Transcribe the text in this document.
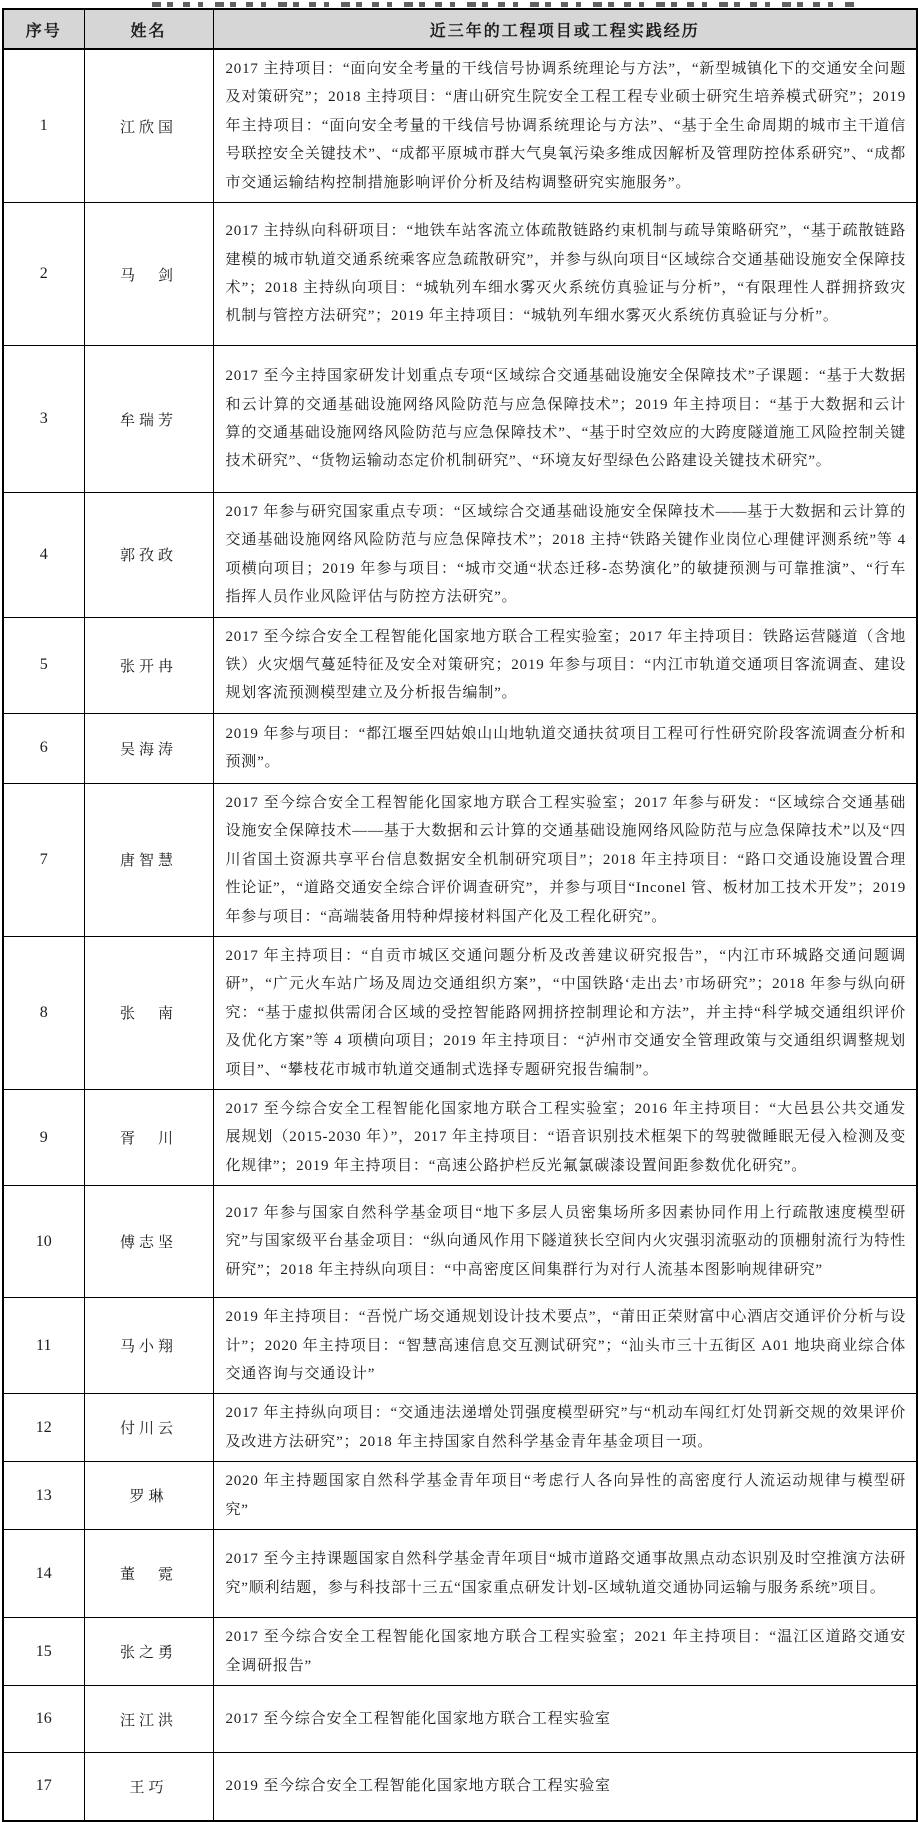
序号	姓名	近三年的工程项目或工程实践经历
1	江欣国	2017 主持项目：“面向安全考量的干线信号协调系统理论与方法”，“新型城镇化下的交通安全问题及对策研究”；2018 主持项目：“唐山研究生院安全工程工程专业硕士研究生培养模式研究”；2019 年主持项目：“面向安全考量的干线信号协调系统理论与方法”、“基于全生命周期的城市主干道信号联控安全关键技术”、“成都平原城市群大气臭氧污染多维成因解析及管理防控体系研究”、“成都市交通运输结构控制措施影响评价分析及结构调整研究实施服务”。
2	马　剑	2017 主持纵向科研项目：“地铁车站客流立体疏散链路约束机制与疏导策略研究”，“基于疏散链路建模的城市轨道交通系统乘客应急疏散研究”，并参与纵向项目“区域综合交通基础设施安全保障技术”；2018 主持纵向项目：“城轨列车细水雾灭火系统仿真验证与分析”，“有限理性人群拥挤致灾机制与管控方法研究”；2019 年主持项目：“城轨列车细水雾灭火系统仿真验证与分析”。
3	牟瑞芳	2017 至今主持国家研发计划重点专项“区域综合交通基础设施安全保障技术”子课题：“基于大数据和云计算的交通基础设施网络风险防范与应急保障技术”；2019 年主持项目：“基于大数据和云计算的交通基础设施网络风险防范与应急保障技术”、“基于时空效应的大跨度隧道施工风险控制关键技术研究”、“货物运输动态定价机制研究”、“环境友好型绿色公路建设关键技术研究”。
4	郭孜政	2017 年参与研究国家重点专项：“区域综合交通基础设施安全保障技术——基于大数据和云计算的交通基础设施网络风险防范与应急保障技术”；2018 主持“铁路关键作业岗位心理健评测系统”等 4 项横向项目；2019 年参与项目：“城市交通“状态迁移-态势演化”的敏捷预测与可靠推演”、“行车指挥人员作业风险评估与防控方法研究”。
5	张开冉	2017 至今综合安全工程智能化国家地方联合工程实验室；2017 年主持项目：铁路运营隧道（含地铁）火灾烟气蔓延特征及安全对策研究；2019 年参与项目：“内江市轨道交通项目客流调查、建设规划客流预测模型建立及分析报告编制”。
6	吴海涛	2019 年参与项目：“都江堰至四姑娘山山地轨道交通扶贫项目工程可行性研究阶段客流调查分析和预测”。
7	唐智慧	2017 至今综合安全工程智能化国家地方联合工程实验室；2017 年参与研发：“区域综合交通基础设施安全保障技术——基于大数据和云计算的交通基础设施网络风险防范与应急保障技术”以及“四川省国土资源共享平台信息数据安全机制研究项目”；2018 年主持项目：“路口交通设施设置合理性论证”，“道路交通安全综合评价调查研究”，并参与项目“Inconel 管、板材加工技术开发”；2019 年参与项目：“高端装备用特种焊接材料国产化及工程化研究”。
8	张　南	2017 年主持项目：“自贡市城区交通问题分析及改善建议研究报告”，“内江市环城路交通问题调研”，“广元火车站广场及周边交通组织方案”，“中国铁路‘走出去’市场研究”；2018 年参与纵向研究：“基于虚拟供需闭合区域的受控智能路网拥挤控制理论和方法”，并主持“科学城交通组织评价及优化方案”等 4 项横向项目；2019 年主持项目：“泸州市交通安全管理政策与交通组织调整规划项目”、“攀枝花市城市轨道交通制式选择专题研究报告编制”。
9	胥　川	2017 至今综合安全工程智能化国家地方联合工程实验室；2016 年主持项目：“大邑县公共交通发展规划（2015-2030 年）”，2017 年主持项目：“语音识别技术框架下的驾驶微睡眠无侵入检测及变化规律”；2019 年主持项目：“高速公路护栏反光氟氯碳漆设置间距参数优化研究”。
10	傅志坚	2017 年参与国家自然科学基金项目“地下多层人员密集场所多因素协同作用上行疏散速度模型研究”与国家级平台基金项目：“纵向通风作用下隧道狭长空间内火灾强羽流驱动的顶棚射流行为特性研究”；2018 年主持纵向项目：“中高密度区间集群行为对行人流基本图影响规律研究”
11	马小翔	2019 年主持项目：“吾悦广场交通规划设计技术要点”，“莆田正荣财富中心酒店交通评价分析与设计”；2020 年主持项目：“智慧高速信息交互测试研究”；“汕头市三十五街区 A01 地块商业综合体交通咨询与交通设计”
12	付川云	2017 年主持纵向项目：“交通违法递增处罚强度模型研究”与“机动车闯红灯处罚新交规的效果评价及改进方法研究”；2018 年主持国家自然科学基金青年基金项目一项。
13	罗琳	2020 年主持题国家自然科学基金青年项目“考虑行人各向异性的高密度行人流运动规律与模型研究”
14	董　霓	2017 至今主持课题国家自然科学基金青年项目“城市道路交通事故黑点动态识别及时空推演方法研究”顺利结题，参与科技部十三五“国家重点研发计划-区域轨道交通协同运输与服务系统”项目。
15	张之勇	2017 至今综合安全工程智能化国家地方联合工程实验室；2021 年主持项目：“温江区道路交通安全调研报告”
16	汪江洪	2017 至今综合安全工程智能化国家地方联合工程实验室
17	王巧	2019 至今综合安全工程智能化国家地方联合工程实验室
